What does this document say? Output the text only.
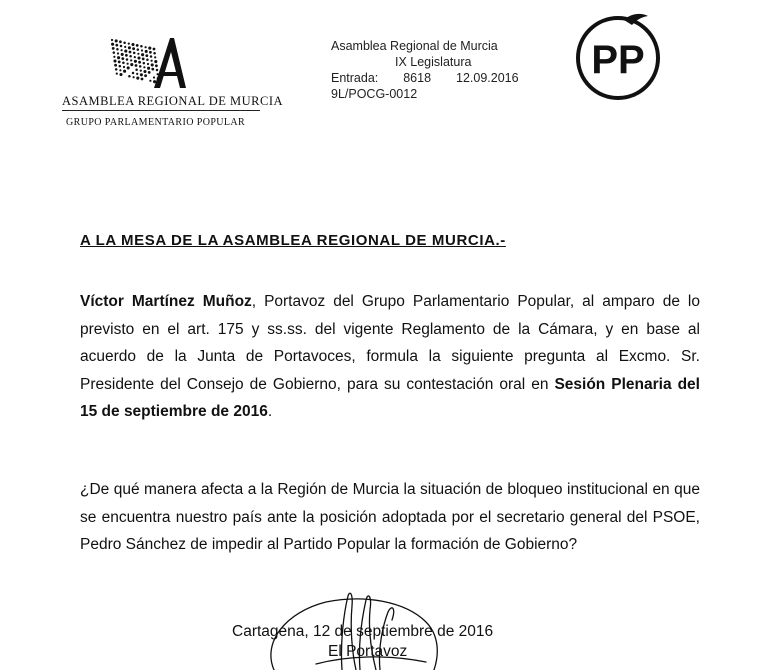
ASAMBLEA REGIONAL DE MURCIA
GRUPO PARLAMENTARIO POPULAR
Asamblea Regional de Murcia
IX Legislatura
Entrada: 8618 12.09.2016
9L/POCG-0012
PP
A LA MESA DE LA ASAMBLEA REGIONAL DE MURCIA.-
Víctor Martínez Muñoz, Portavoz del Grupo Parlamentario Popular, al amparo de lo previsto en el art. 175 y ss.ss. del vigente Reglamento de la Cámara, y en base al acuerdo de la Junta de Portavoces, formula la siguiente pregunta al Excmo. Sr. Presidente del Consejo de Gobierno, para su contestación oral en Sesión Plenaria del 15 de septiembre de 2016.
¿De qué manera afecta a la Región de Murcia la situación de bloqueo institucional en que se encuentra nuestro país ante la posición adoptada por el secretario general del PSOE, Pedro Sánchez de impedir al Partido Popular la formación de Gobierno?
Cartagena, 12 de septiembre de 2016
El Portavoz
